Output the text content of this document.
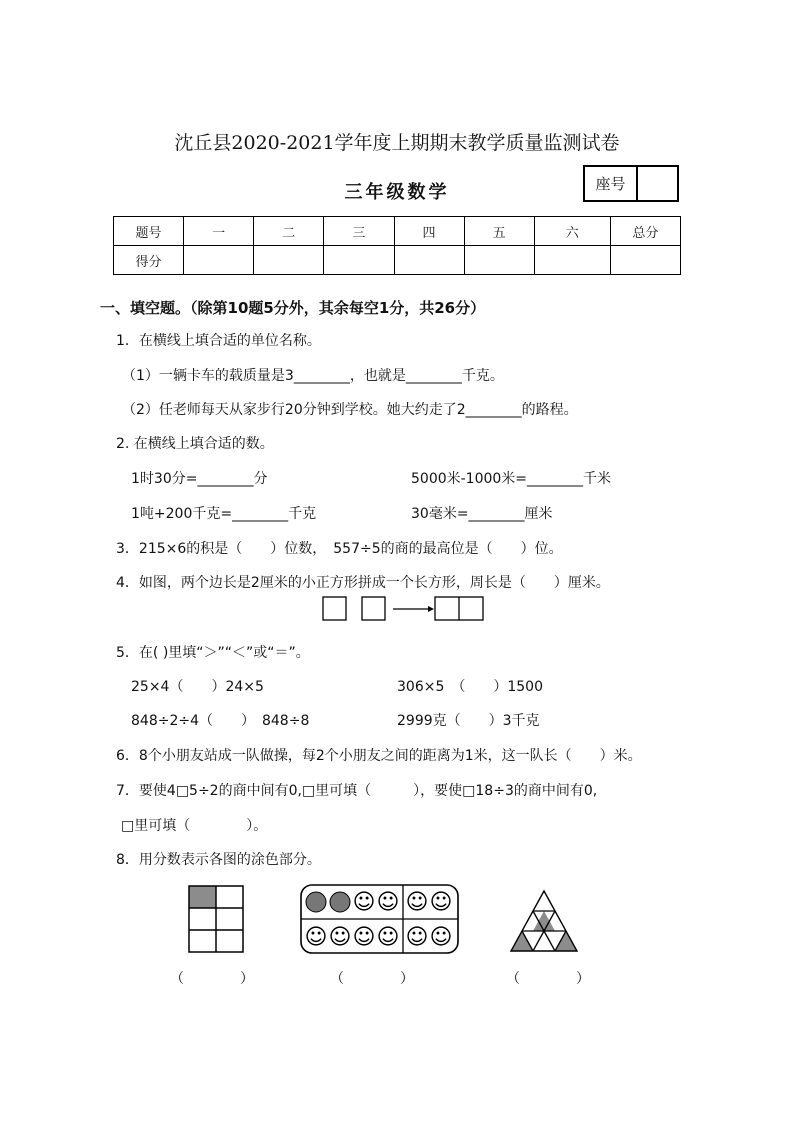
沈丘县2020-2021学年度上期期末教学质量监测试卷
三年级数学	座号
题号	一	二	三	四	五	六	总分
得分							
一、填空题。（除第10题5分外，其余每空1分，共26分）
1．在横线上填合适的单位名称。
（1）一辆卡车的载质量是3________，也就是________千克。
（2）任老师每天从家步行20分钟到学校。她大约走了2________的路程。
2. 在横线上填合适的数。
1时30分=________分	5000米-1000米=________千米
1吨+200千克=________千克	30毫米=________厘米
3．215×6的积是（　　）位数，　557÷5的商的最高位是（　　）位。
4．如图，两个边长是2厘米的小正方形拼成一个长方形，周长是（　　）厘米。
5．在( )里填“＞”“＜”或“＝”。
25×4（　　）24×5	306×5　（　　）1500
848÷2÷4（　　）　848÷8	2999克（　　）3千克
6．8个小朋友站成一队做操，每2个小朋友之间的距离为1米，这一队长（　　）米。
7．要使4□5÷2的商中间有0,□里可填（　　　），要使□18÷3的商中间有0,
□里可填（　　　　）。
8．用分数表示各图的涂色部分。
☺ ☺ ☺ ☺
☺ ☺ ☺ ☺ ☺ ☺
（　　　　）	（　　　　）	（　　　　）
